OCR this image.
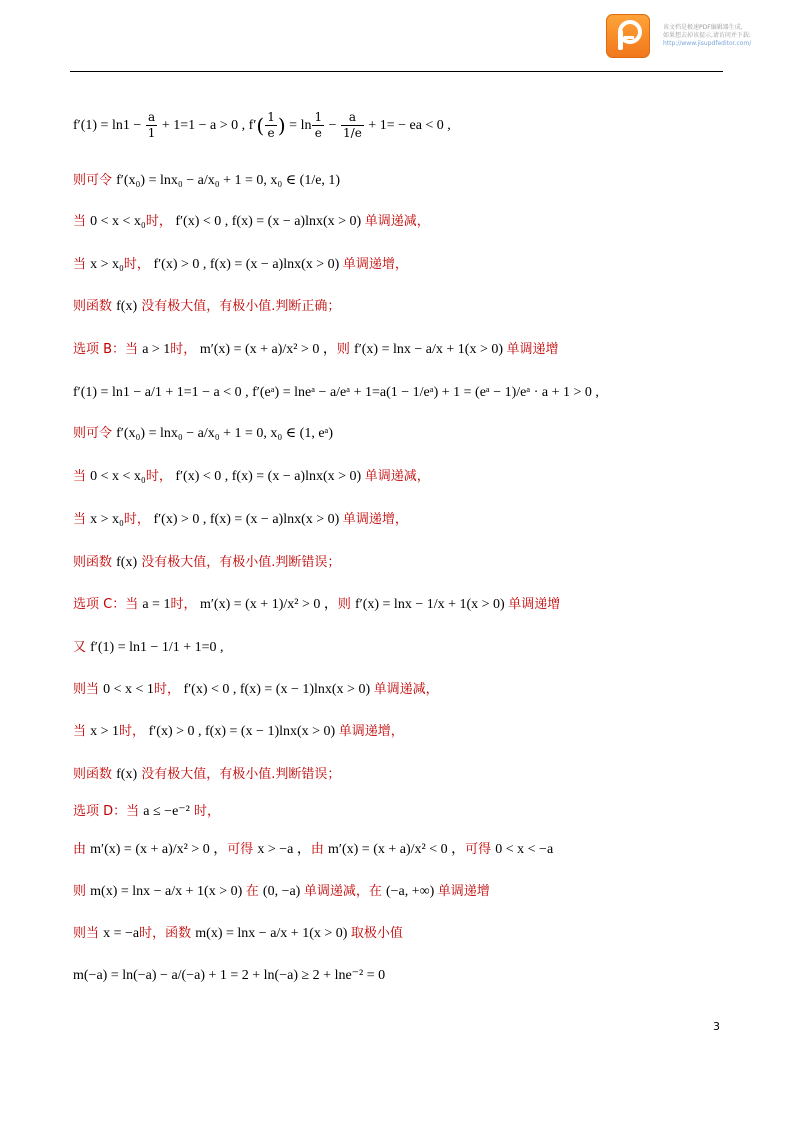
该文档是极速PDF编辑器生成,
如果想去掉该提示,请访问并下载:
http://www.jisupdfeditor.com/
$f'(1) = \ln 1 - \frac{a}{1} + 1=1 - a > 0$ , $f'( \frac{1}{e}$ ) = $\ln \frac{1}{e} - \frac{a}{1/e} + 1=$ − ea < 0 ,
则可令 f′(x₀) = lnx₀ − a/x₀ + 1 = 0, x₀ ∈ (1/e, 1)
当 0 < x < x₀时， f′(x) < 0 , f(x) = (x − a)lnx(x > 0) 单调递减，
当 x > x₀时， f′(x) > 0 , f(x) = (x − a)lnx(x > 0) 单调递增，
则函数 f(x) 没有极大值，有极小值.判断正确；
选项 B：当 a > 1时， m′(x) = (x + a)/x² > 0 ，则 f′(x) = lnx − a/x + 1(x > 0) 单调递增
f′(1) = ln1 − a/1 + 1=1 − a < 0 , f′(eᵃ) = lneᵃ − a/eᵃ + 1=a(1 − 1/eᵃ) + 1 = (eᵃ − 1)/eᵃ · a + 1 > 0 ,
则可令 f′(x₀) = lnx₀ − a/x₀ + 1 = 0, x₀ ∈ (1, eᵃ)
当 0 < x < x₀时， f′(x) < 0 , f(x) = (x − a)lnx(x > 0) 单调递减，
当 x > x₀时， f′(x) > 0 , f(x) = (x − a)lnx(x > 0) 单调递增，
则函数 f(x) 没有极大值，有极小值.判断错误；
选项 C：当 a = 1时， m′(x) = (x + 1)/x² > 0 ，则 f′(x) = lnx − 1/x + 1(x > 0) 单调递增
又 f′(1) = ln1 − 1/1 + 1=0 ,
则当 0 < x < 1时， f′(x) < 0 , f(x) = (x − 1)lnx(x > 0) 单调递减，
当 x > 1时， f′(x) > 0 , f(x) = (x − 1)lnx(x > 0) 单调递增，
则函数 f(x) 没有极大值，有极小值.判断错误；
选项 D：当 a ≤ −e⁻² 时，
由 m′(x) = (x + a)/x² > 0 ，可得 x > −a ，由 m′(x) = (x + a)/x² < 0 ，可得 0 < x < −a
则 m(x) = lnx − a/x + 1(x > 0) 在 (0, −a) 单调递减，在 (−a, +∞) 单调递增
则当 x = −a时，函数 m(x) = lnx − a/x + 1(x > 0) 取极小值
m(−a) = ln(−a) − a/(−a) + 1 = 2 + ln(−a) ≥ 2 + lne⁻² = 0
3
